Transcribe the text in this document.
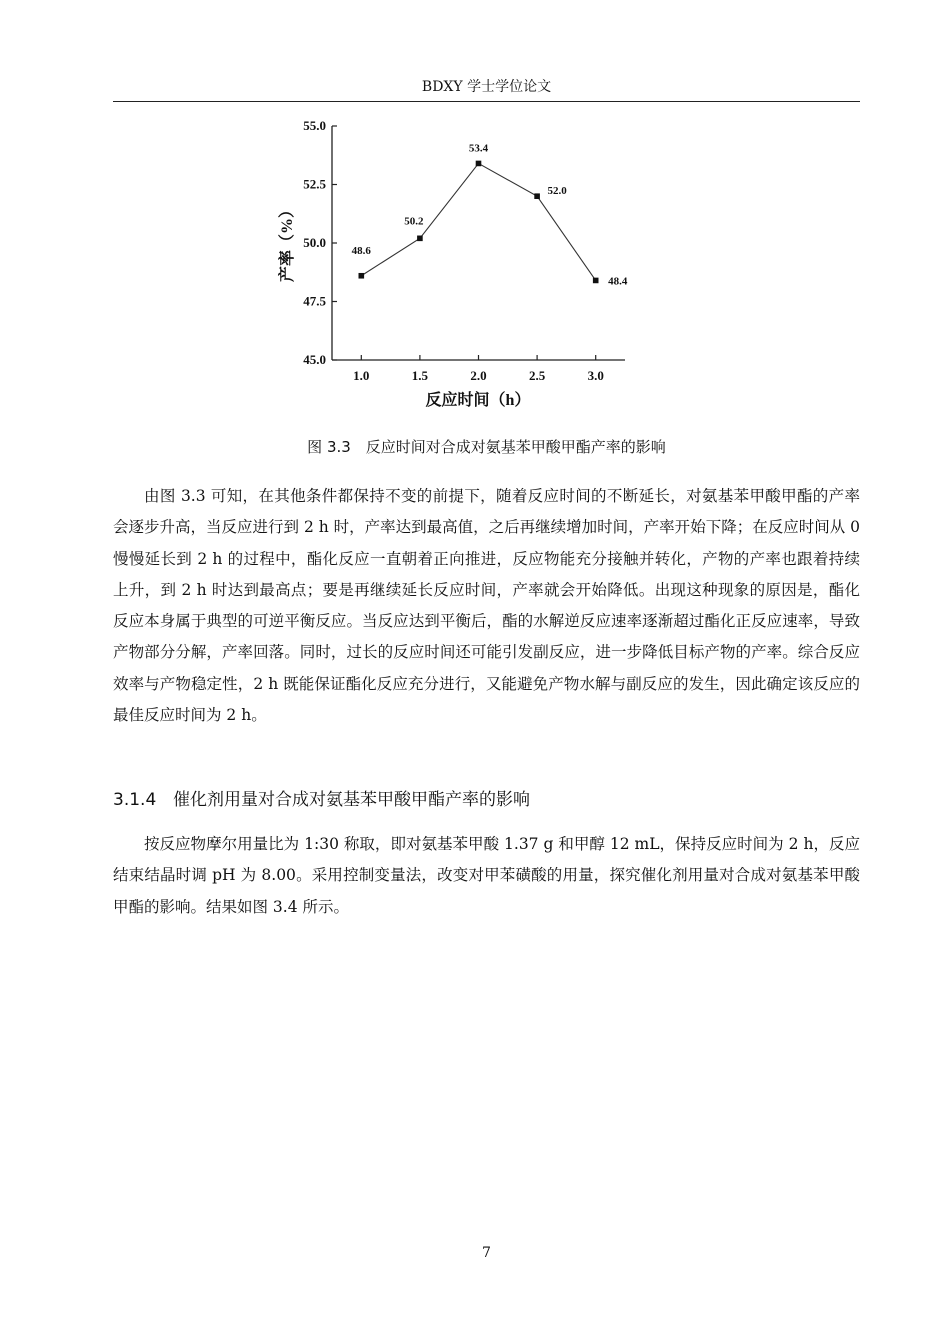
BDXY 学士学位论文
45.0
47.5
50.0
52.5
55.0
1.0	1.5	2.0	2.5	3.0
48.6
50.2
53.4
52.0
48.4
产率（%）
反应时间（h）
图 3.3　反应时间对合成对氨基苯甲酸甲酯产率的影响

由图 3.3 可知，在其他条件都保持不变的前提下，随着反应时间的不断延长，对氨基苯甲酸甲酯的产率会逐步升高，当反应进行到 2 h 时，产率达到最高值，之后再继续增加时间，产率开始下降；在反应时间从 0 慢慢延长到 2 h 的过程中，酯化反应一直朝着正向推进，反应物能充分接触并转化，产物的产率也跟着持续上升，到 2 h 时达到最高点；要是再继续延长反应时间，产率就会开始降低。出现这种现象的原因是，酯化反应本身属于典型的可逆平衡反应。当反应达到平衡后，酯的水解逆反应速率逐渐超过酯化正反应速率，导致产物部分分解，产率回落。同时，过长的反应时间还可能引发副反应，进一步降低目标产物的产率。综合反应效率与产物稳定性，2 h 既能保证酯化反应充分进行，又能避免产物水解与副反应的发生，因此确定该反应的最佳反应时间为 2 h。

3.1.4 催化剂用量对合成对氨基苯甲酸甲酯产率的影响

按反应物摩尔用量比为 1:30 称取，即对氨基苯甲酸 1.37 g 和甲醇 12 mL，保持反应时间为 2 h，反应结束结晶时调 pH 为 8.00。采用控制变量法，改变对甲苯磺酸的用量，探究催化剂用量对合成对氨基苯甲酸甲酯的影响。结果如图 3.4 所示。

7
